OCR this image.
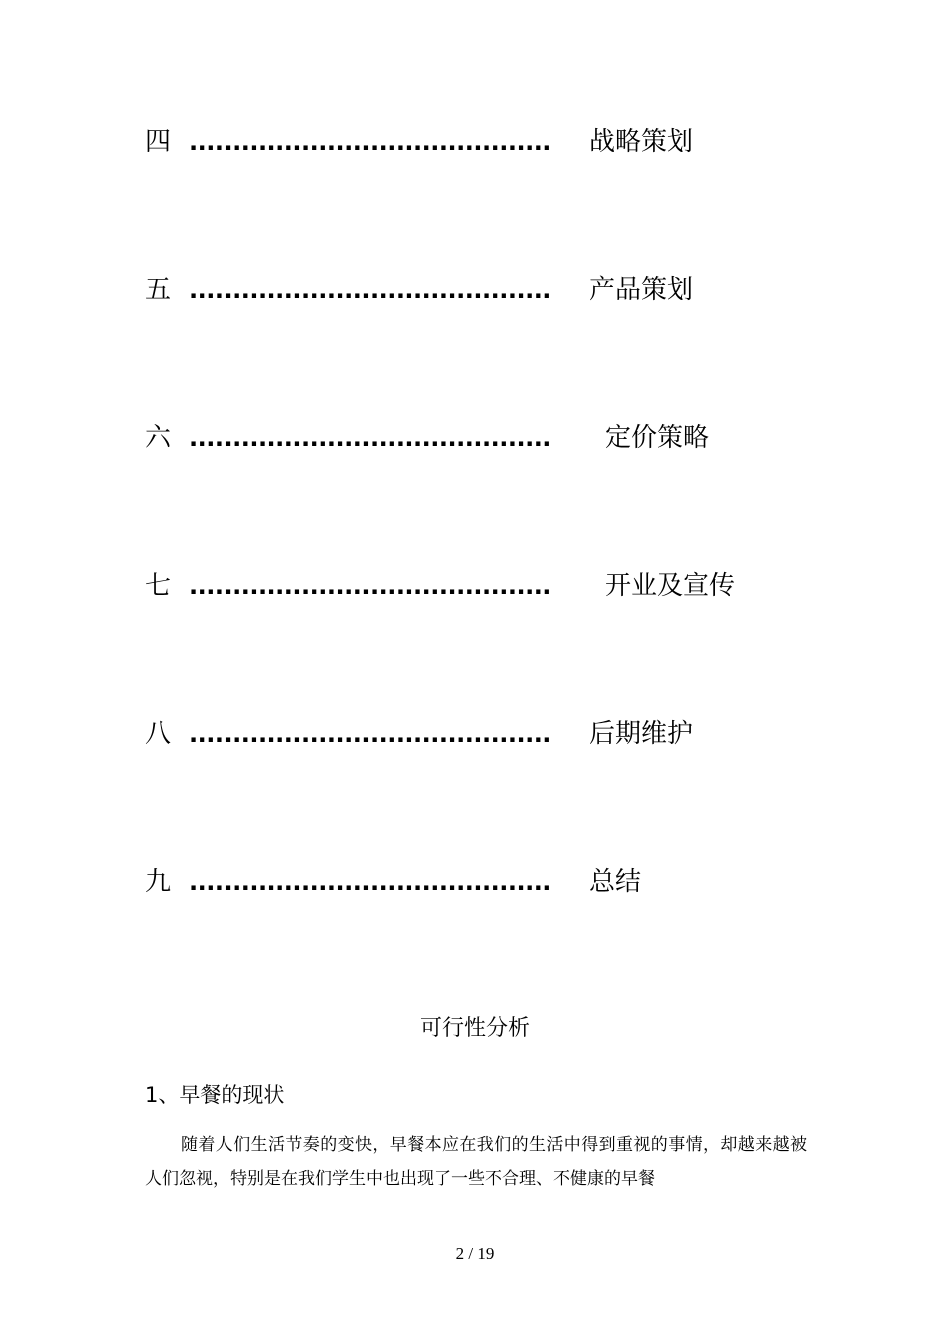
四 .......................................... 战略策划
五 .......................................... 产品策划
六 .......................................... 定价策略
七 .......................................... 开业及宣传
八 .......................................... 后期维护
九 .......................................... 总结
可行性分析
1、早餐的现状
随着人们生活节奏的变快，早餐本应在我们的生活中得到重视的事情，却越来越被人们忽视，特别是在我们学生中也出现了一些不合理、不健康的早餐
2 / 19
